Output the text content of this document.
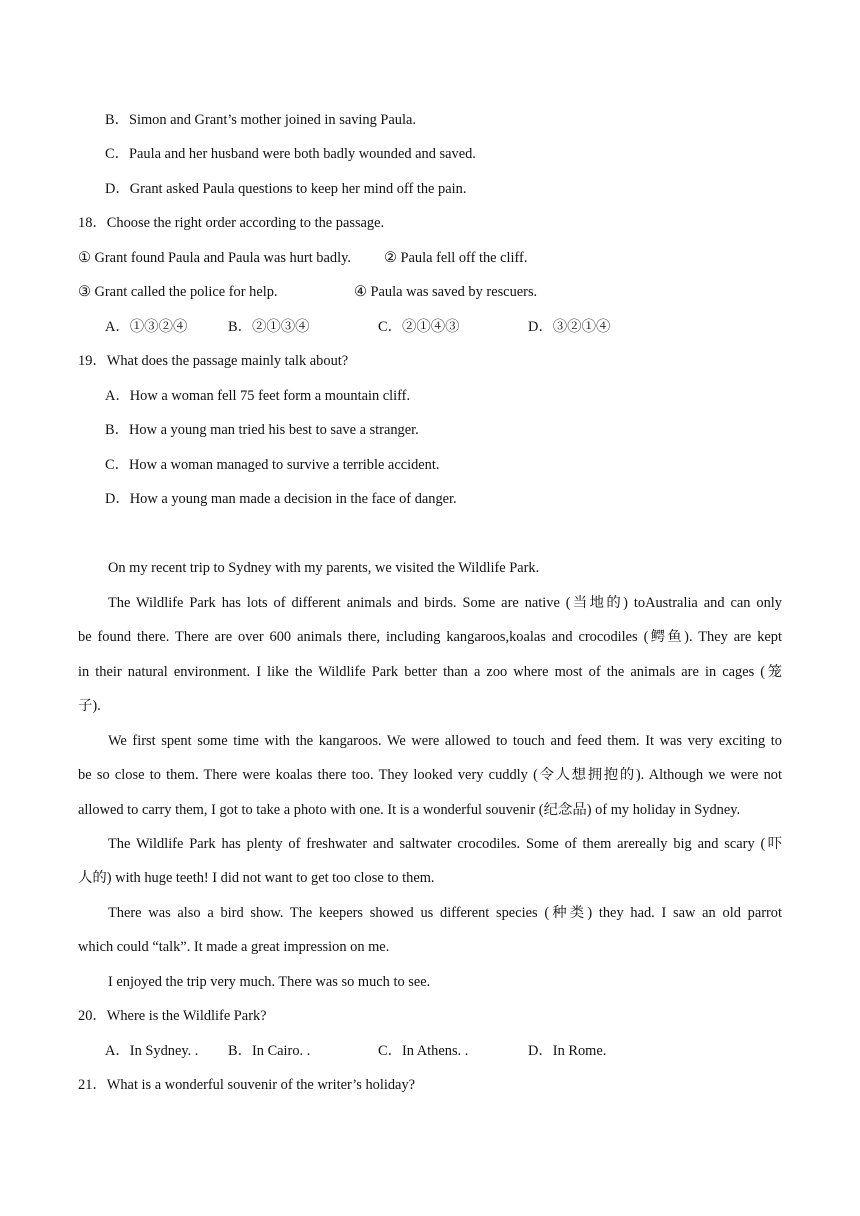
B．Simon and Grant’s mother joined in saving Paula.
C．Paula and her husband were both badly wounded and saved.
D．Grant asked Paula questions to keep her mind off the pain.
18．Choose the right order according to the passage.
① Grant found Paula and Paula was hurt badly. ② Paula fell off the cliff.
③ Grant called the police for help.	④ Paula was saved by rescuers.
A．①③②④	B．②①③④	C．②①④③	D．③②①④
19．What does the passage mainly talk about?
A．How a woman fell 75 feet form a mountain cliff.
B．How a young man tried his best to save a stranger.
C．How a woman managed to survive a terrible accident.
D．How a young man made a decision in the face of danger.
On my recent trip to Sydney with my parents, we visited the Wildlife Park.
The Wildlife Park has lots of different animals and birds. Some are native (当地的) toAustralia and can only
be found there. There are over 600 animals there, including kangaroos,koalas and crocodiles (鳄鱼). They are kept
in their natural environment. I like the Wildlife Park better than a zoo where most of the animals are in cages (笼
子).
We first spent some time with the kangaroos. We were allowed to touch and feed them. It was very exciting to
be so close to them. There were koalas there too. They looked very cuddly (令人想拥抱的). Although we were not
allowed to carry them, I got to take a photo with one. It is a wonderful souvenir (纪念品) of my holiday in Sydney.
The Wildlife Park has plenty of freshwater and saltwater crocodiles. Some of them arereally big and scary (吓
人的) with huge teeth! I did not want to get too close to them.
There was also a bird show. The keepers showed us different species (种类) they had. I saw an old parrot
which could “talk”. It made a great impression on me.
I enjoyed the trip very much. There was so much to see.
20．Where is the Wildlife Park?
A．In Sydney. . B．In Cairo. .	C．In Athens. .	D．In Rome.
21．What is a wonderful souvenir of the writer’s holiday?
